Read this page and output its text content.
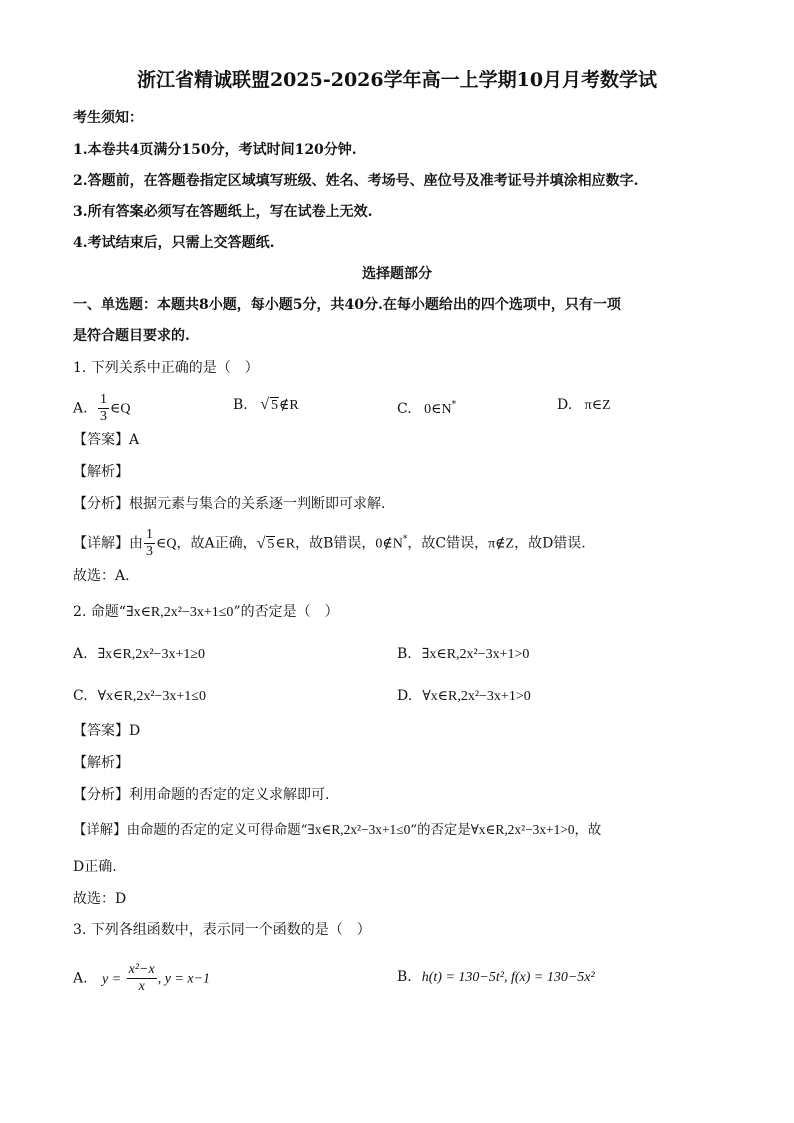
浙江省精诚联盟2025-2026学年高一上学期10月月考数学试
考生须知：
1.本卷共4页满分150分，考试时间120分钟.
2.答题前，在答题卷指定区域填写班级、姓名、考场号、座位号及准考证号并填涂相应数字.
3.所有答案必须写在答题纸上，写在试卷上无效.
4.考试结束后，只需上交答题纸.
选择题部分
一、单选题：本题共8小题，每小题5分，共40分.在每小题给出的四个选项中，只有一项
是符合题目要求的.
1. 下列关系中正确的是（　）
A. $\frac{1}{3}$ ∈Q	B. √ 5∉R	C. 0∈N*	D. π∈Z
【答案】A
【解析】
【分析】根据元素与集合的关系逐一判断即可求解.
【详解】由 $\frac{1}{3}$ ∈Q，故A正确，√ 5∈R，故B错误，0∉N*，故C错误，π∉Z，故D错误.
故选：A.
2. 命题“∃x∈R,2x²−3x+1≤0”的否定是（　）
A. ∃x∈R,2x²−3x+1≥0	B. ∃x∈R,2x²−3x+1>0
C. ∀x∈R,2x²−3x+1≤0	D. ∀x∈R,2x²−3x+1>0
【答案】D
【解析】
【分析】利用命题的否定的定义求解即可.
【详解】由命题的否定的定义可得命题“∃x∈R,2x²−3x+1≤0”的否定是∀x∈R,2x²−3x+1>0，故
D正确.
故选：D
3. 下列各组函数中，表示同一个函数的是（　）
A. $y = \frac{\text{x²−x}}{x}$ , y = x−1	B. h(t) = 130−5t², f(x) = 130−5x²
